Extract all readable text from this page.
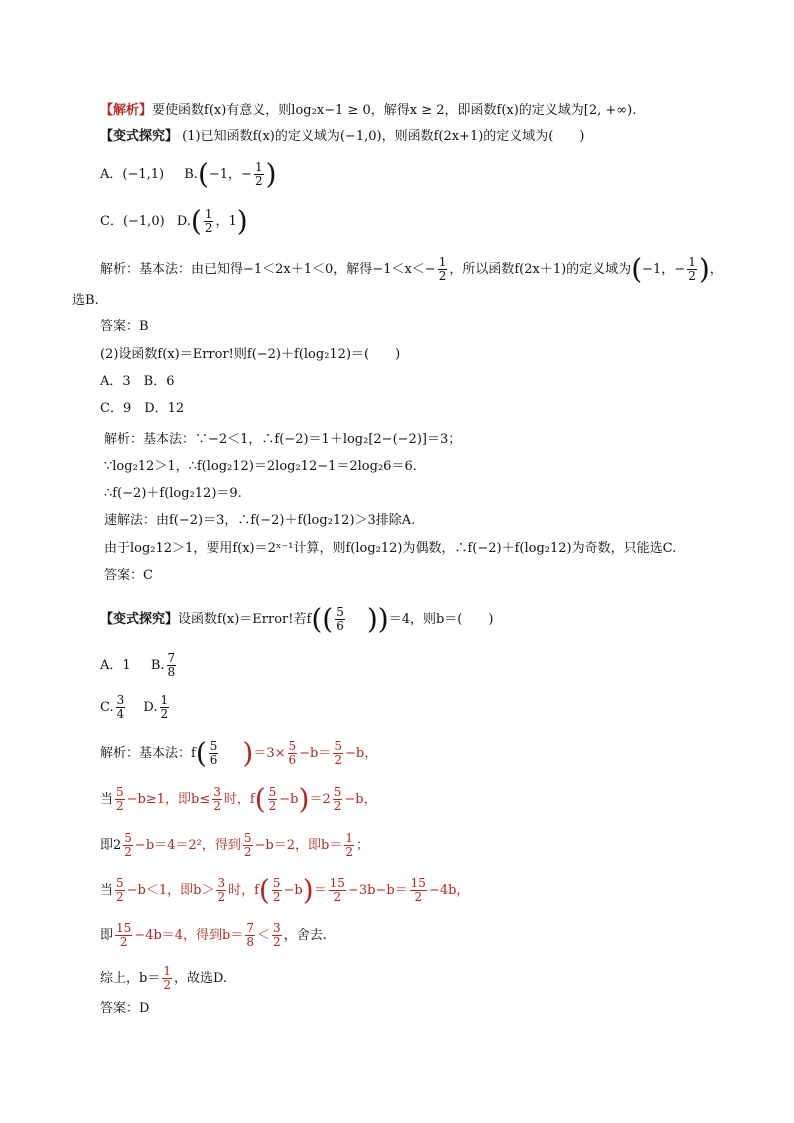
【解析】要使函数f(x)有意义，则log₂x−1 ≥ 0，解得x ≥ 2，即函数f(x)的定义域为[2, +∞).
【变式探究】 (1)已知函数f(x)的定义域为(−1,0)，则函数f(2x+1)的定义域为(　　)
A．(−1,1) B.(−1，− $\frac{1}{2}$ )
C．(−1,0) $D.( \frac{1}{2}$ ，1)
解析：基本法：由已知得−1＜2x＋1＜0，解得$-1<x<- \frac{1}{2}$ ，所以函数f(2x＋1)的定义域为(−1，− $\frac{1}{2}$ )，
选B.
答案：B
(2)设函数f(x)＝Error!则f(−2)＋f(log₂12)＝(　　)
A．3　B．6
C．9　D．12
解析：基本法：∵−2＜1，∴f(−2)＝1＋log₂[2−(−2)]＝3；
∵log₂12＞1，∴f(log₂12)＝2log₂12−1＝2log₂6＝6.
∴f(−2)＋f(log₂12)＝9.
速解法：由f(−2)＝3，∴f(−2)＋f(log₂12)＞3排除A.
由于log₂12＞1，要用f(x)＝2ˣ⁻¹计算，则f(log₂12)为偶数，∴f(−2)＋f(log₂12)为奇数，只能选C.
答案：C
【变式探究】设函数f(x)＝Error!若$f(( \frac{5}{6} ))=4$，则b＝(　　)
A．1 B. $\frac{7}{8}$
C. $\frac{3}{4} D$. $\frac{1}{2}$
解析：基本法：$f( \frac{5}{6} )=3\times \frac{5}{6} -b= \frac{5}{2} -b$，
当 $\frac{5}{2} -b\ge 1$，即$b\le \frac{3}{2}$ 时，$f( \frac{5}{2} -b)=2 \frac{5}{2} -b$，
即$2 \frac{5}{2} -b=4=2^2$，得到 $\frac{5}{2} -b=2$，即$b= \frac{1}{2}$ ；
当 $\frac{5}{2} -b<1$，即$b> \frac{3}{2}$ 时，$f( \frac{5}{2} -b)= \frac{15}{2} -3b-b= \frac{15}{2} -4b$，
即 $\frac{15}{2} -4b=4$，得到$b= \frac{7}{8} < \frac{3}{2}$ ，舍去.
综上，$b= \frac{1}{2}$ ，故选D.
答案：D
